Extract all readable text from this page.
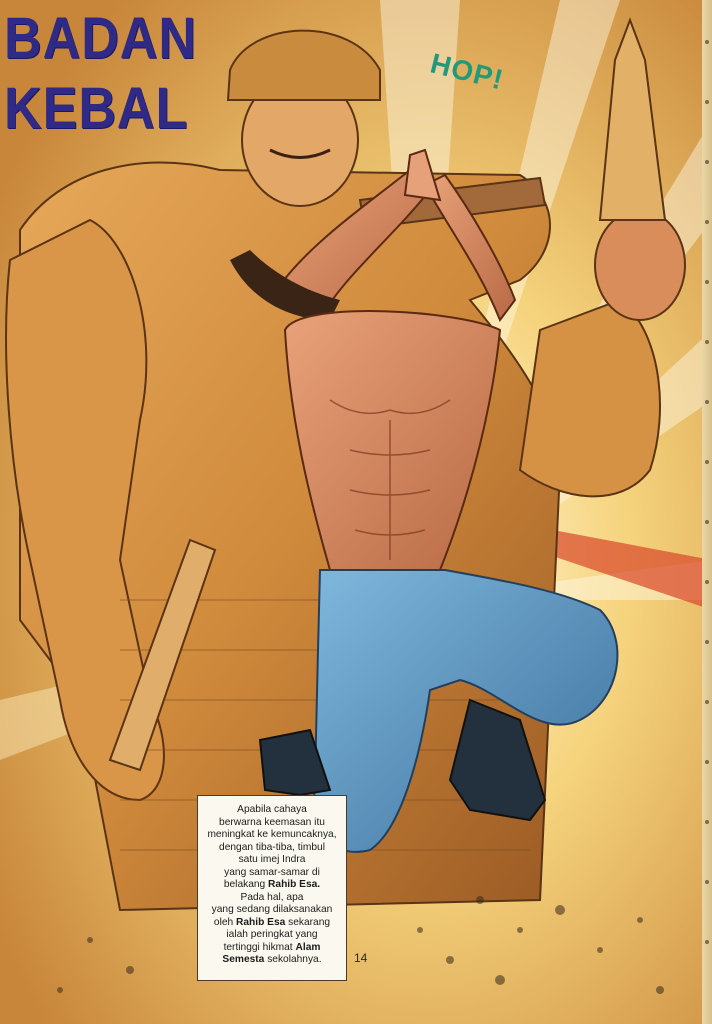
BADAN
KEBAL
HOP!
Apabila cahaya
berwarna keemasan itu
meningkat ke kemuncaknya,
dengan tiba-tiba, timbul
satu imej Indra
yang samar-samar di
belakang Rahib Esa.
Pada hal, apa
yang sedang dilaksanakan
oleh Rahib Esa sekarang
ialah peringkat yang
tertinggi hikmat Alam
Semesta sekolahnya.	14
